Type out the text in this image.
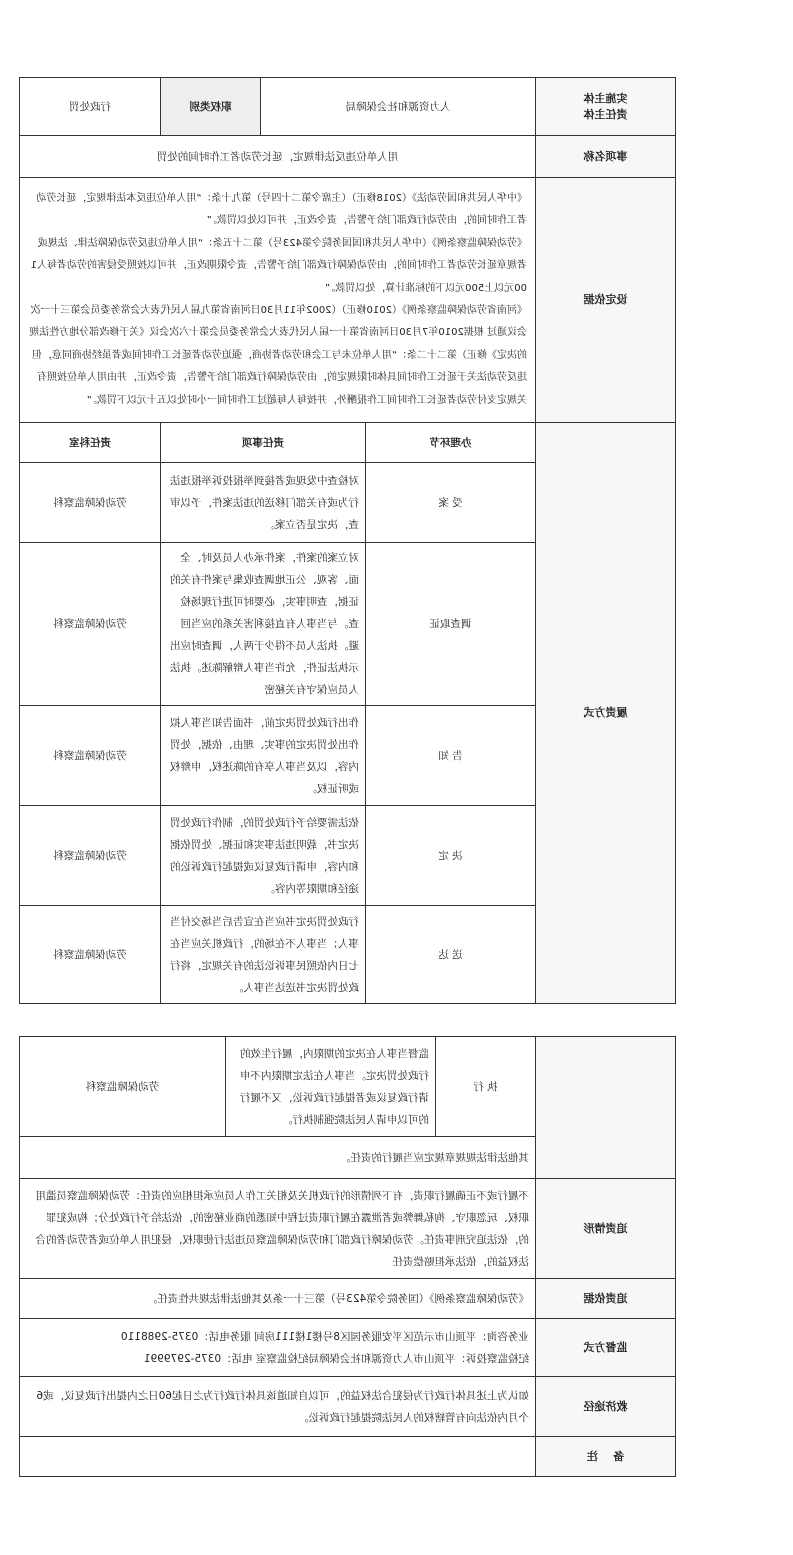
实施主体
责任主体	人力资源和社会保障局		职权类别	行政处罚
事项名称	用人单位违反法律规定，延长劳动者工作时间的处罚			
设定依据	《中华人民共和国劳动法》（2018修正）（主席令第二十四号）第九十条：“用人单位违反本法律规定，延长劳动者工作时间的，由劳动行政部门给予警告，责令改正，并可以处以罚款。”

《劳动保障监察条例》（中华人民共和国国务院令第423号）第二十五条：“用人单位违反劳动保障法律、法规或者规章延长劳动者工作时间的，由劳动保障行政部门给予警告，责令限期改正，并可以按照受侵害的劳动者每人100元以上500元以下的标准计算，处以罚款。”

《河南省劳动保障监察条例》（2010修正）（2002年11月30日河南省第九届人民代表大会常务委员会第三十一次会议通过 根据2010年7月30日河南省第十一届人民代表大会常务委员会第十六次会议《关于修改部分地方性法规的决定》修正）第二十二条：“用人单位未与工会和劳动者协商，强迫劳动者延长工作时间或者虽经协商同意，但违反劳动法关于延长工作时间具体时限规定的，由劳动保障行政部门给予警告，责令改正，并由用人单位按照有关规定支付劳动者延长工作时间工作报酬外，并按每人每超过工作时间一小时处以五十元以下罚款。”			

履责方式	办理环节	责任事项		责任科室
	受 案	对检查中发现或者接到举报投诉举报违法行为或有关部门移送的违法案件，予以审查，决定是否立案。		劳动保障监察科
	调查取证	对立案的案件，案件承办人员及时、全面、客观、公正地调查收集与案件有关的证据，查明事实，必要时可进行现场检查。与当事人有直接利害关系的应当回避。执法人员不得少于两人，调查时应出示执法证件，允许当事人辩解陈述。执法人员应保守有关秘密		劳动保障监察科
	告 知	作出行政处罚决定前，书面告知当事人拟作出处罚决定的事实、理由、依据，处罚内容，以及当事人享有的陈述权，申辩权或听证权。		劳动保障监察科
	决 定	依法需要给予行政处罚的，制作行政处罚决定书，载明违法事实和证据、处罚依据和内容，申请行政复议或提起行政诉讼的途径和期限等内容。		劳动保障监察科
	送 达	行政处罚决定书应当在宣告后当场交付当事人；当事人不在场的，行政机关应当在七日内依照民事诉讼法的有关规定，将行政处罚决定书送达当事人。		劳动保障监察科
	执 行	监督当事人在决定的期限内，履行生效的行政处罚决定。当事人在法定期限内不申请行政复议或者提起行政诉讼，又不履行的可以申请人民法院强制执行。	劳动保障监察科
	其他法律法规规章规定应当履行的责任。		
追责情形	不履行或不正确履行职责，有下列情形的行政机关及相关工作人员应承担相应的责任：劳动保障监察员滥用职权、玩忽职守、徇私舞弊或者泄露在履行职责过程中知悉的商业秘密的，依法给予行政处分；构成犯罪的，依法追究刑事责任。劳动保障行政部门和劳动保障监察员违法行使职权，侵犯用人单位或者劳动者的合法权益的，依法承担赔偿责任		
追责依据	《劳动保障监察条例》（国务院令第423号）第三十一条及其他法律法规共性责任。		
监督方式	业务咨询：平顶山市示范区平安服务园区8号楼1楼111房间 服务电话：0375-2988110
纪检监察投诉：平顶山市人力资源和社会保障局纪检监察室 电话：0375-2979991		

救济途径	如认为上述具体行政行为侵犯合法权益的，可以自知道该具体行政行为之日起60日之内提出行政复议，或6个月内依法向有管辖权的人民法院提起行政诉讼。		
备    注			
